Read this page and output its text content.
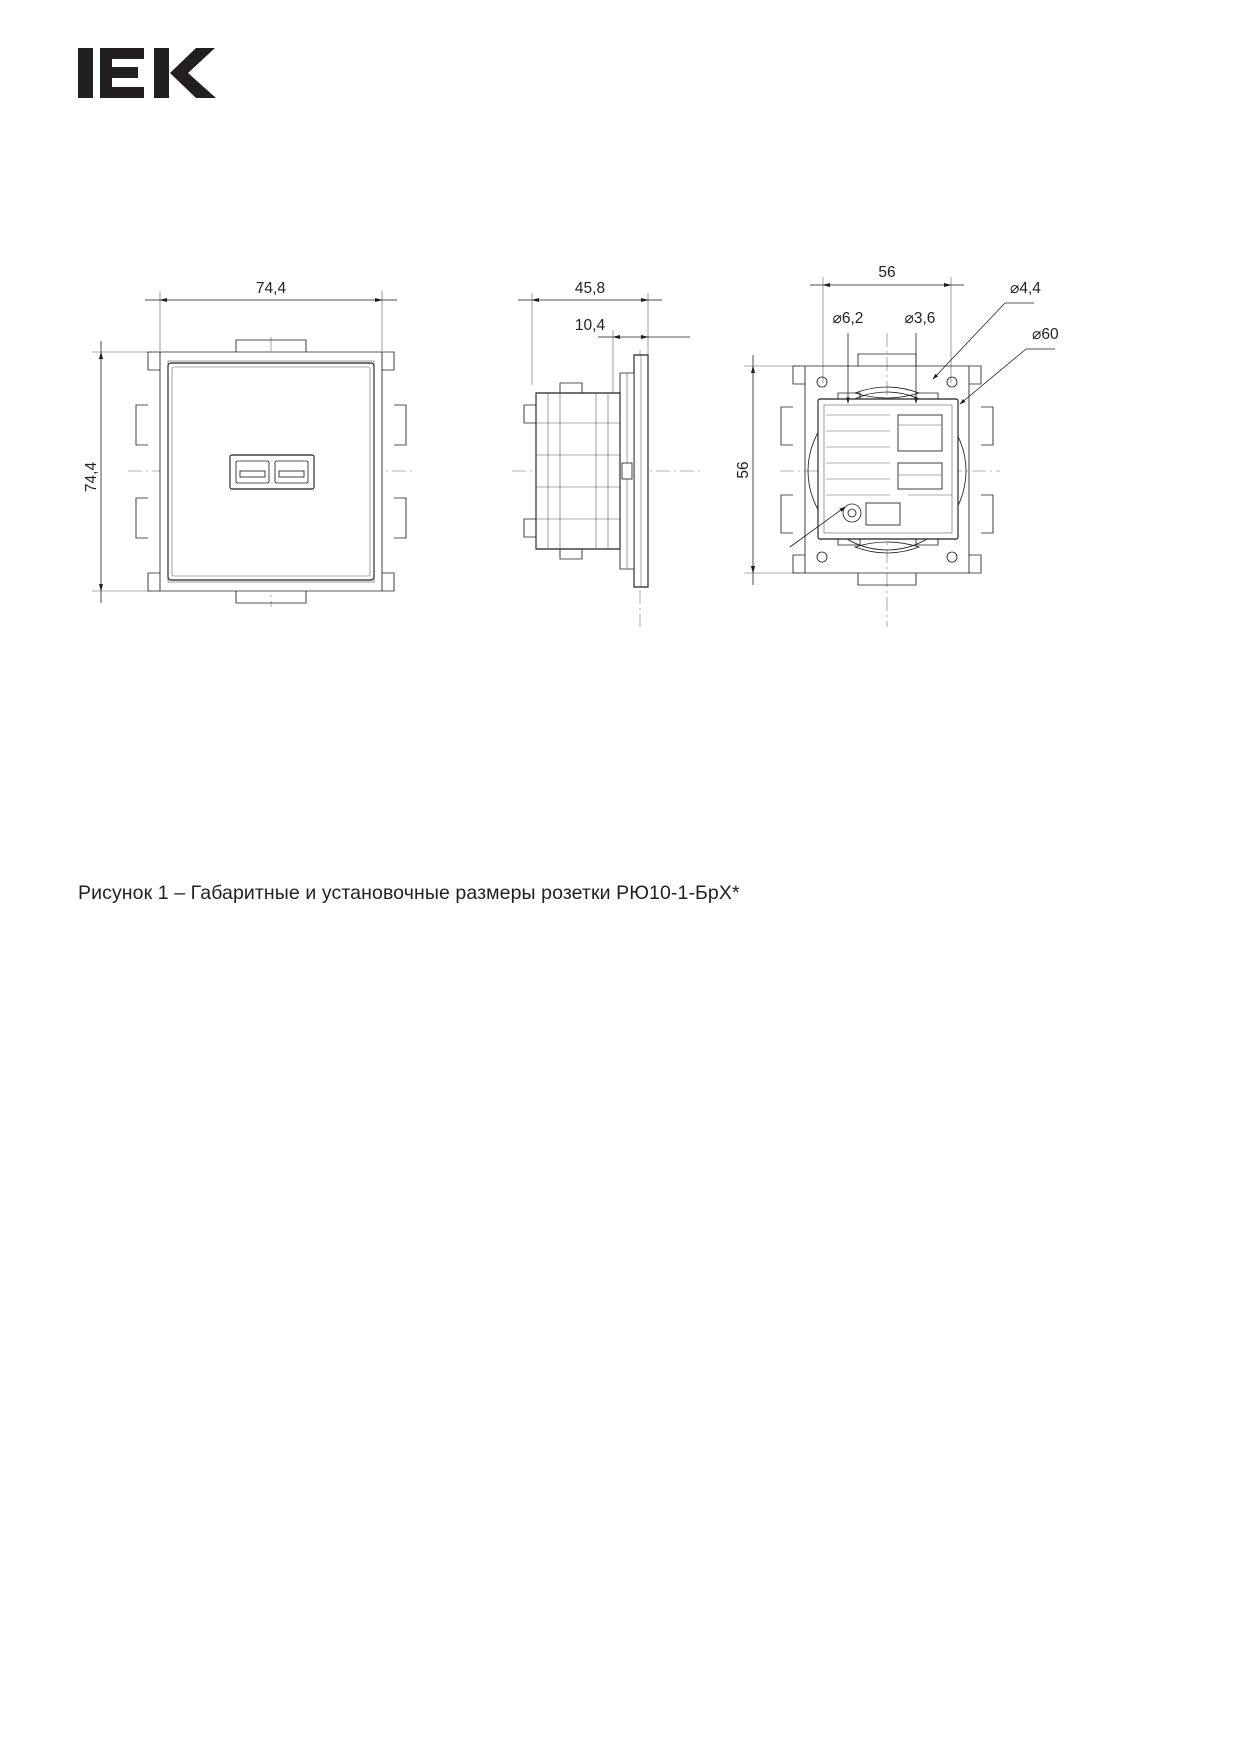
74,4
74,4
45,8
10,4
56
56
⌀60
⌀4,4
⌀6,2	⌀3,6
Рисунок 1 – Габаритные и установочные размеры розетки РЮ10-1-БрХ*
